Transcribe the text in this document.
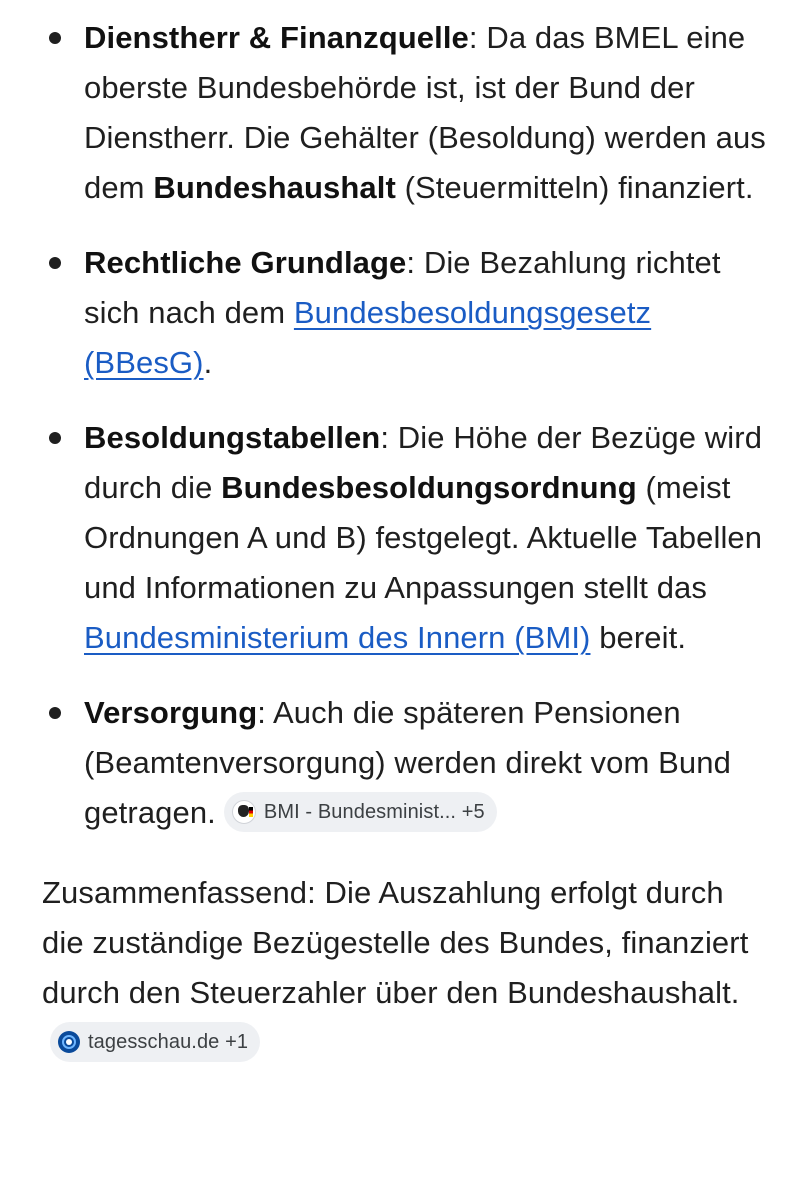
Dienstherr & Finanzquelle: Da das BMEL eine oberste Bundesbehörde ist, ist der Bund der Dienstherr. Die Gehälter (Besoldung) werden aus dem Bundeshaushalt (Steuermitteln) finanziert.
Rechtliche Grundlage: Die Bezahlung richtet sich nach dem Bundesbesoldungsgesetz (BBesG).
Besoldungstabellen: Die Höhe der Bezüge wird durch die Bundesbesoldungsordnung (meist Ordnungen A und B) festgelegt. Aktuelle Tabellen und Informationen zu Anpassungen stellt das Bundesministerium des Innern (BMI) bereit.
Versorgung: Auch die späteren Pensionen (Beamtenversorgung) werden direkt vom Bund getragen. BMI - Bundesminist...
+5

Zusammenfassend: Die Auszahlung erfolgt durch die zuständige Bezügestelle des Bundes, finanziert durch den Steuerzahler über den Bundeshaushalt.
tagesschau.de
+1
